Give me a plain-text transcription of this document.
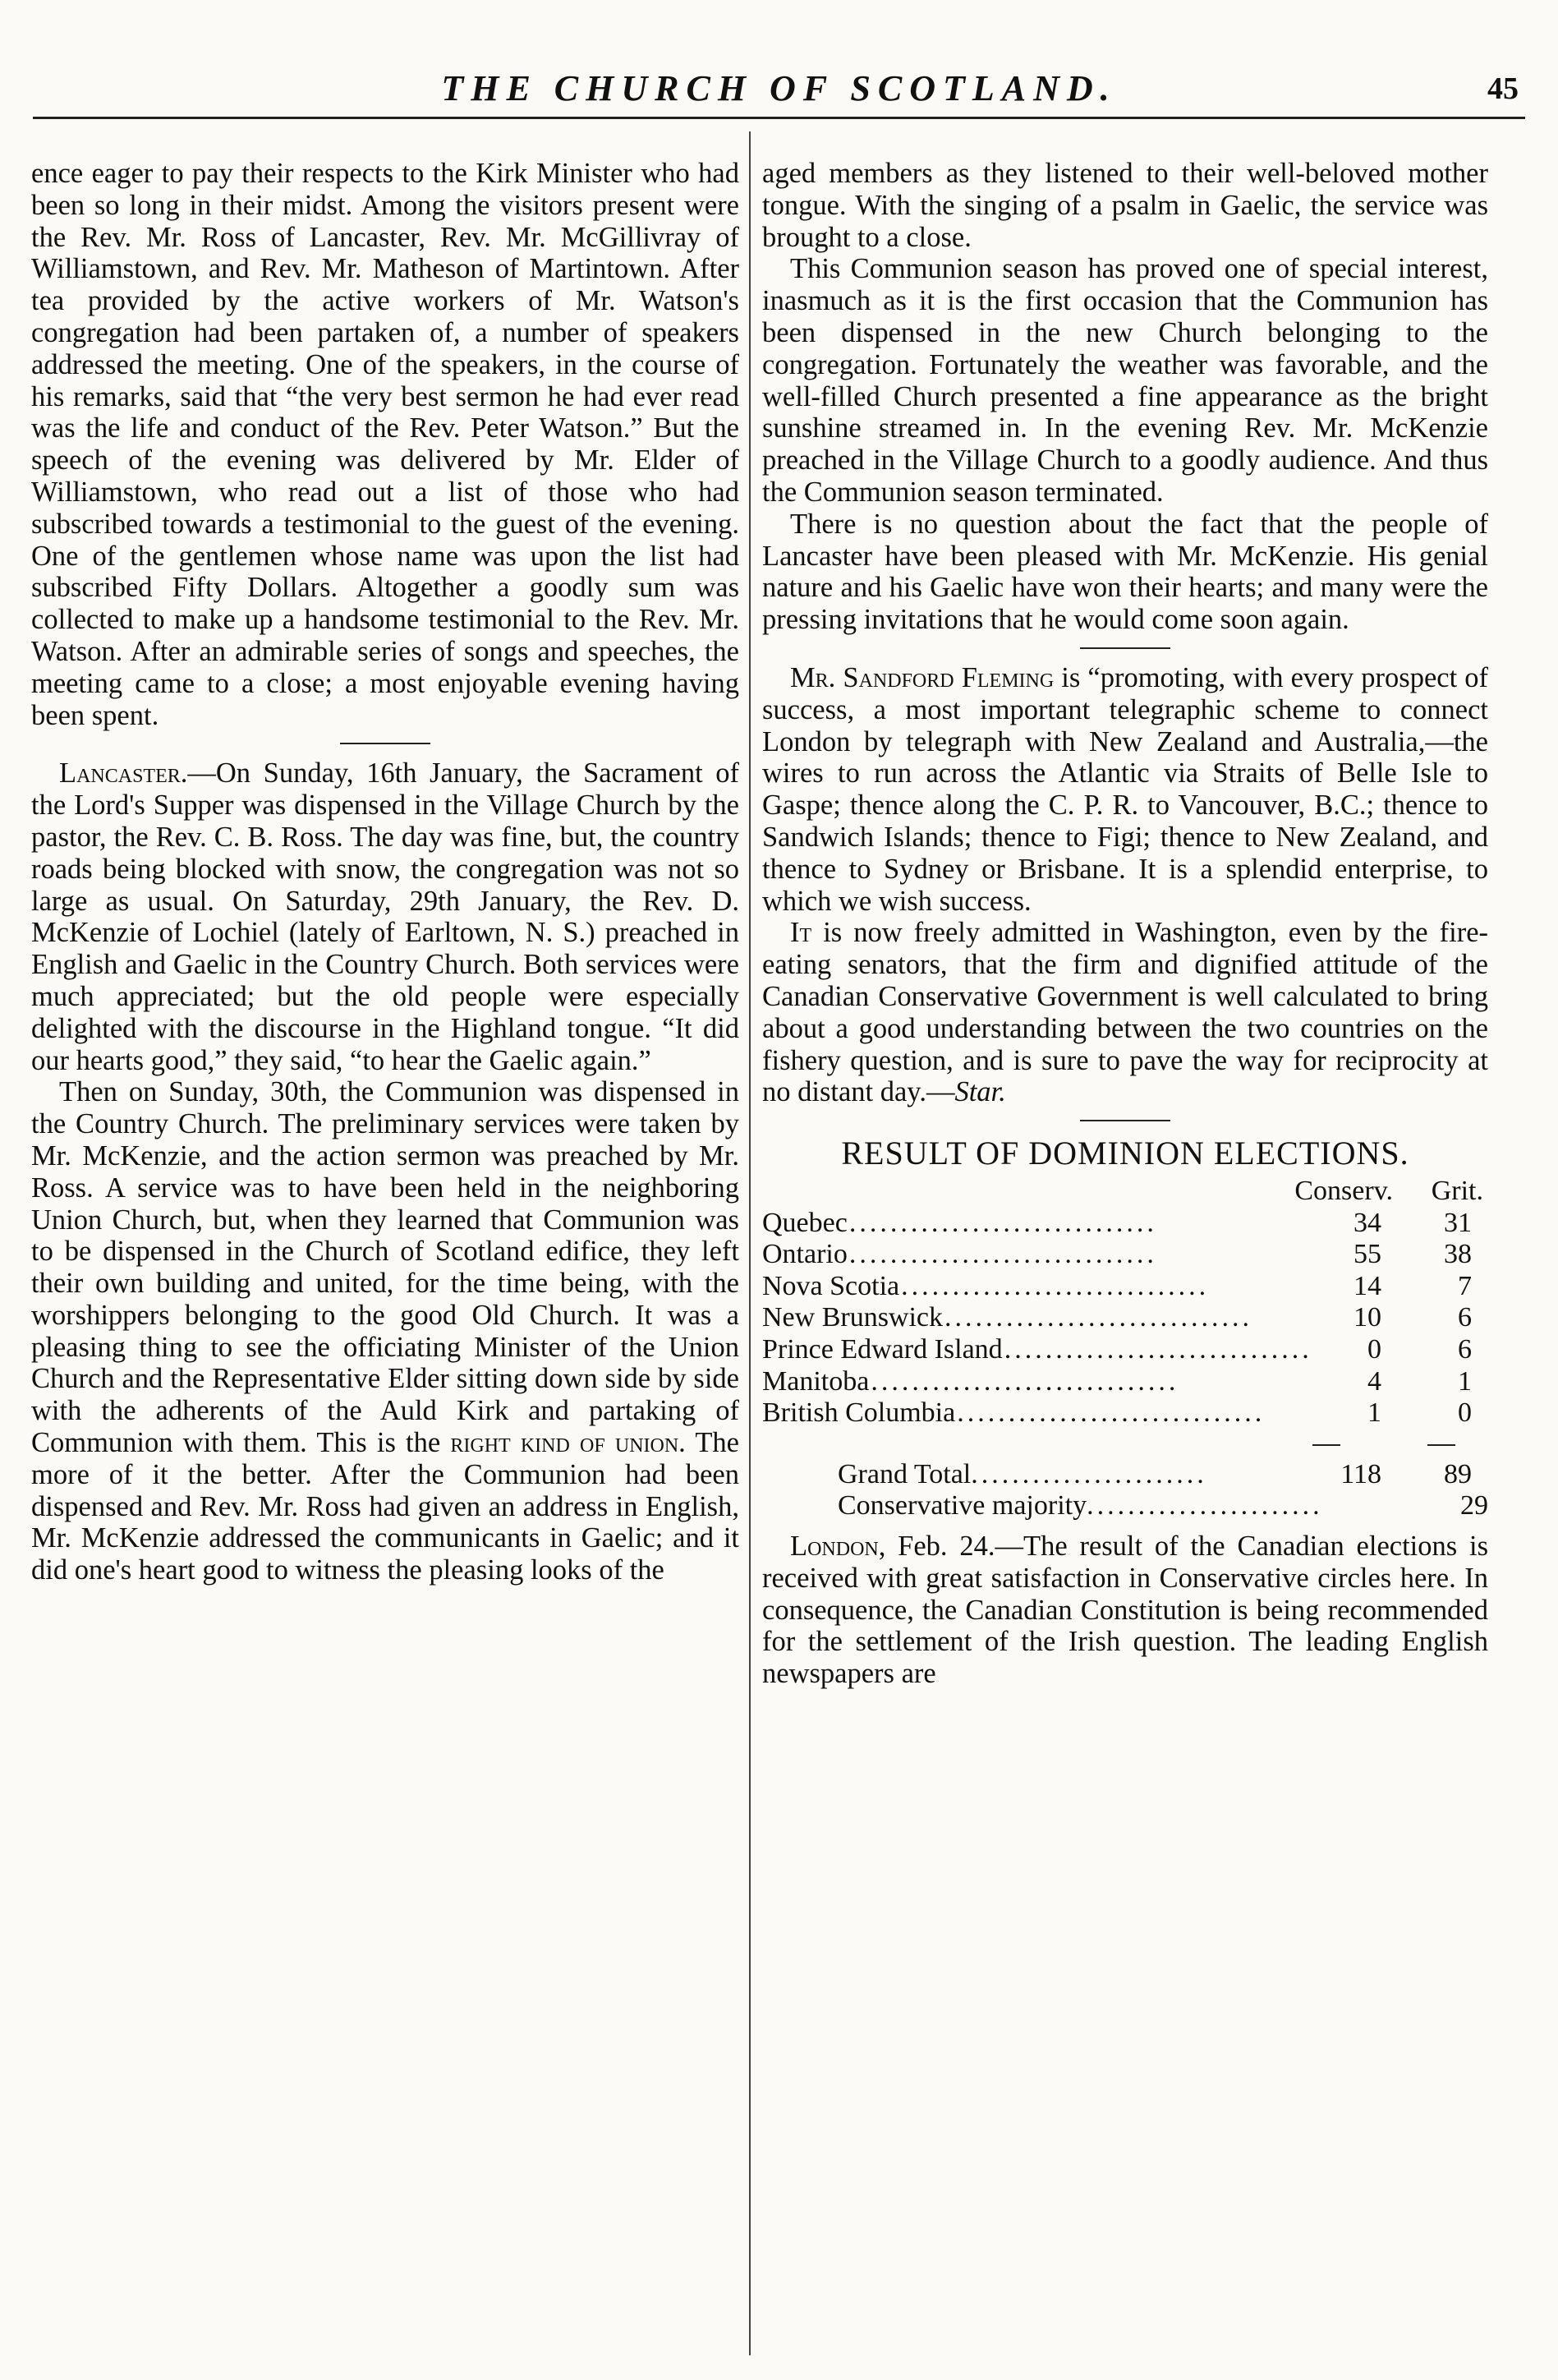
THE CHURCH OF SCOTLAND.	45

ence eager to pay their respects to the Kirk Minister who had been so long in their midst. Among the visitors present were the Rev. Mr. Ross of Lancaster, Rev. Mr. McGillivray of Williamstown, and Rev. Mr. Matheson of Martintown. After tea provided by the active workers of Mr. Watson's congregation had been partaken of, a number of speakers addressed the meeting. One of the speakers, in the course of his remarks, said that “the very best sermon he had ever read was the life and conduct of the Rev. Peter Watson.” But the speech of the evening was delivered by Mr. Elder of Williamstown, who read out a list of those who had subscribed towards a testimonial to the guest of the evening. One of the gentlemen whose name was upon the list had subscribed Fifty Dollars. Altogether a goodly sum was collected to make up a handsome testimonial to the Rev. Mr. Watson. After an admirable series of songs and speeches, the meeting came to a close; a most enjoyable evening having been spent.

Lancaster.—On Sunday, 16th January, the Sacrament of the Lord's Supper was dispensed in the Village Church by the pastor, the Rev. C. B. Ross. The day was fine, but, the country roads being blocked with snow, the congregation was not so large as usual. On Saturday, 29th January, the Rev. D. McKenzie of Lochiel (lately of Earltown, N. S.) preached in English and Gaelic in the Country Church. Both services were much appreciated; but the old people were especially delighted with the discourse in the Highland tongue. “It did our hearts good,” they said, “to hear the Gaelic again.”

Then on Sunday, 30th, the Communion was dispensed in the Country Church. The preliminary services were taken by Mr. McKenzie, and the action sermon was preached by Mr. Ross. A service was to have been held in the neighboring Union Church, but, when they learned that Communion was to be dispensed in the Church of Scotland edifice, they left their own building and united, for the time being, with the worshippers belonging to the good Old Church. It was a pleasing thing to see the officiating Minister of the Union Church and the Representative Elder sitting down side by side with the adherents of the Auld Kirk and partaking of Communion with them. This is the right kind of union. The more of it the better. After the Communion had been dispensed and Rev. Mr. Ross had given an address in English, Mr. McKenzie addressed the communicants in Gaelic; and it did one's heart good to witness the pleasing looks of the

aged members as they listened to their well-beloved mother tongue. With the singing of a psalm in Gaelic, the service was brought to a close.

This Communion season has proved one of special interest, inasmuch as it is the first occasion that the Communion has been dispensed in the new Church belonging to the congregation. Fortunately the weather was favorable, and the well-filled Church presented a fine appearance as the bright sunshine streamed in. In the evening Rev. Mr. McKenzie preached in the Village Church to a goodly audience. And thus the Communion season terminated.

There is no question about the fact that the people of Lancaster have been pleased with Mr. McKenzie. His genial nature and his Gaelic have won their hearts; and many were the pressing invitations that he would come soon again.

Mr. Sandford Fleming is “promoting, with every prospect of success, a most important telegraphic scheme to connect London by telegraph with New Zealand and Australia,—the wires to run across the Atlantic via Straits of Belle Isle to Gaspe; thence along the C. P. R. to Vancouver, B.C.; thence to Sandwich Islands; thence to Figi; thence to New Zealand, and thence to Sydney or Brisbane. It is a splendid enterprise, to which we wish success.

It is now freely admitted in Washington, even by the fire-eating senators, that the firm and dignified attitude of the Canadian Conservative Government is well calculated to bring about a good understanding between the two countries on the fishery question, and is sure to pave the way for reciprocity at no distant day.—Star.

RESULT OF DOMINION ELECTIONS.
Conserv.	Grit.
Quebec ..............................	34	31
Ontario ..............................	55	38
Nova Scotia ..............................	14	7
New Brunswick ..............................	10	6
Prince Edward Island ..............................	0	6
Manitoba ..............................	4	1
British Columbia ..............................	1	0
Grand Total .......................	118	89
Conservative majority .......................	29

London, Feb. 24.—The result of the Canadian elections is received with great satisfaction in Conservative circles here. In consequence, the Canadian Constitution is being recommended for the settlement of the Irish question. The leading English newspapers are
